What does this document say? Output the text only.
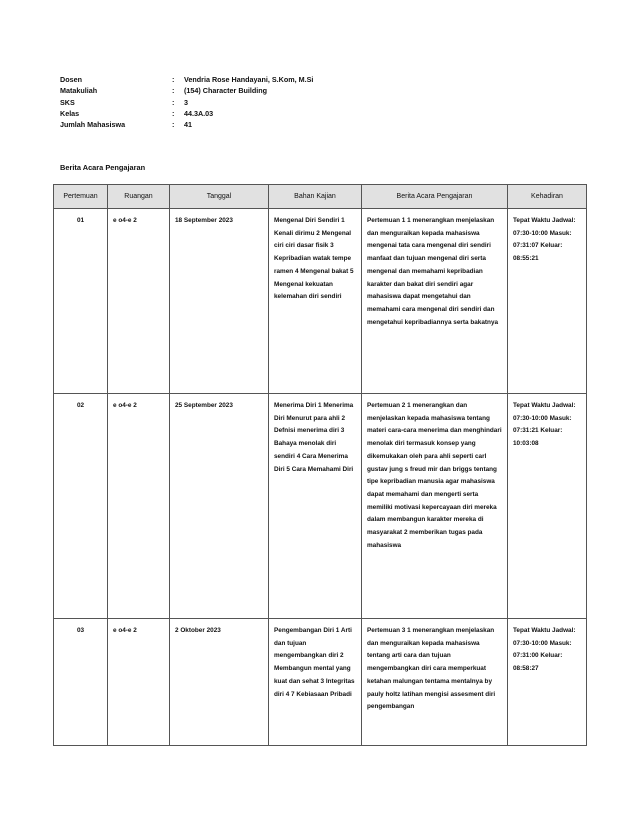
Dosen	: Vendria Rose Handayani, S.Kom, M.Si
Matakuliah	: (154) Character Building
SKS	: 3
Kelas	: 44.3A.03
Jumlah Mahasiswa	: 41
Berita Acara Pengajaran
Pertemuan	Ruangan	Tanggal	Bahan Kajian	Berita Acara Pengajaran	Kehadiran
01	e o4-e 2	18 September 2023	Mengenal Diri Sendiri 1 Kenali dirimu 2 Mengenal ciri ciri dasar fisik 3 Kepribadian watak tempe ramen 4 Mengenal bakat 5 Mengenal kekuatan kelemahan diri sendiri	Pertemuan 1 1 menerangkan menjelaskan dan menguraikan kepada mahasiswa mengenai tata cara mengenal diri sendiri manfaat dan tujuan mengenal diri serta mengenal dan memahami kepribadian karakter dan bakat diri sendiri agar mahasiswa dapat mengetahui dan memahami cara mengenal diri sendiri dan mengetahui kepribadiannya serta bakatnya	Tepat Waktu Jadwal: 07:30-10:00 Masuk: 07:31:07 Keluar: 08:55:21
02	e o4-e 2	25 September 2023	Menerima Diri 1 Menerima Diri Menurut para ahli 2 Defnisi menerima diri 3 Bahaya menolak diri sendiri 4 Cara Menerima Diri 5 Cara Memahami Diri	Pertemuan 2 1 menerangkan dan menjelaskan kepada mahasiswa tentang materi cara-cara menerima dan menghindari menolak diri termasuk konsep yang dikemukakan oleh para ahli seperti carl gustav jung s freud mir dan briggs tentang tipe kepribadian manusia agar mahasiswa dapat memahami dan mengerti serta memiliki motivasi kepercayaan diri mereka dalam membangun karakter mereka di masyarakat 2 memberikan tugas pada mahasiswa	Tepat Waktu Jadwal: 07:30-10:00 Masuk: 07:31:21 Keluar: 10:03:08
03	e o4-e 2	2 Oktober 2023	Pengembangan Diri 1 Arti dan tujuan mengembangkan diri 2 Membangun mental yang kuat dan sehat 3 Integritas diri 4 7 Kebiasaan Pribadi	Pertemuan 3 1 menerangkan menjelaskan dan menguraikan kepada mahasiswa tentang arti cara dan tujuan mengembangkan diri cara memperkuat ketahan malungan tentama mentalnya by pauly holtz latihan mengisi assesment diri pengembangan	Tepat Waktu Jadwal: 07:30-10:00 Masuk: 07:31:00 Keluar: 08:58:27
